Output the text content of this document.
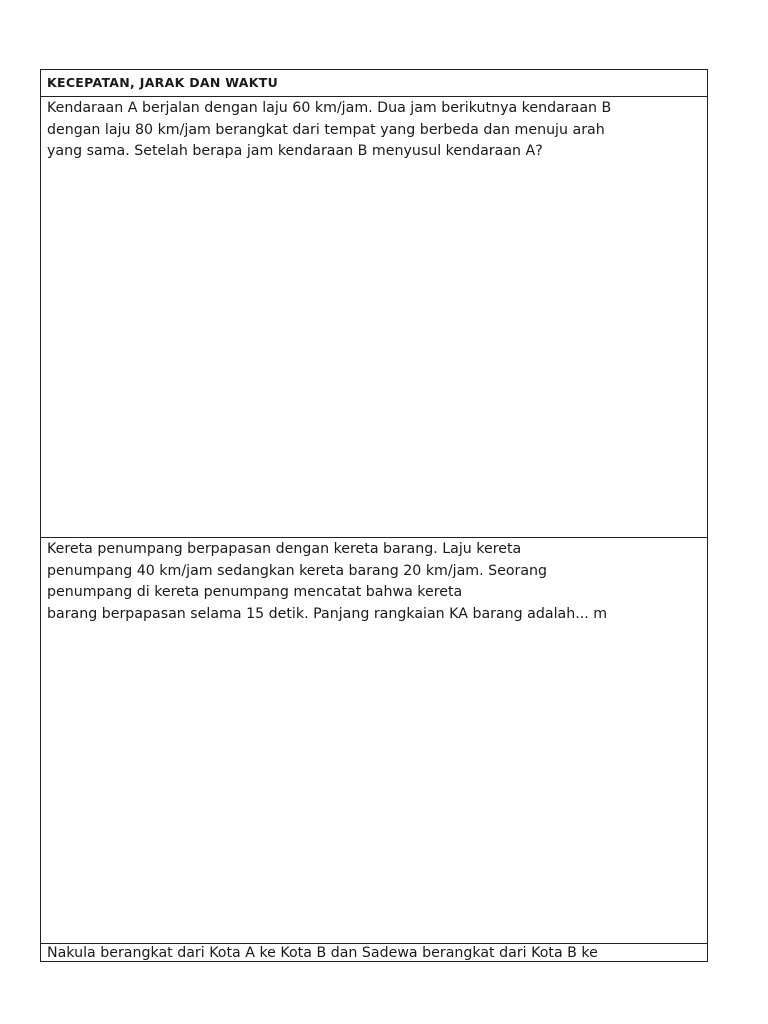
KECEPATAN, JARAK DAN WAKTU

Kendaraan A berjalan dengan laju 60 km/jam. Dua jam berikutnya kendaraan B
dengan laju 80 km/jam berangkat dari tempat yang berbeda dan menuju arah
yang sama. Setelah berapa jam kendaraan B menyusul kendaraan A?

Kereta penumpang berpapasan dengan kereta barang. Laju kereta
penumpang 40 km/jam sedangkan kereta barang 20 km/jam. Seorang
penumpang di kereta penumpang mencatat bahwa kereta
barang berpapasan selama 15 detik. Panjang rangkaian KA barang adalah... m

Nakula berangkat dari Kota A ke Kota B dan Sadewa berangkat dari Kota B ke
